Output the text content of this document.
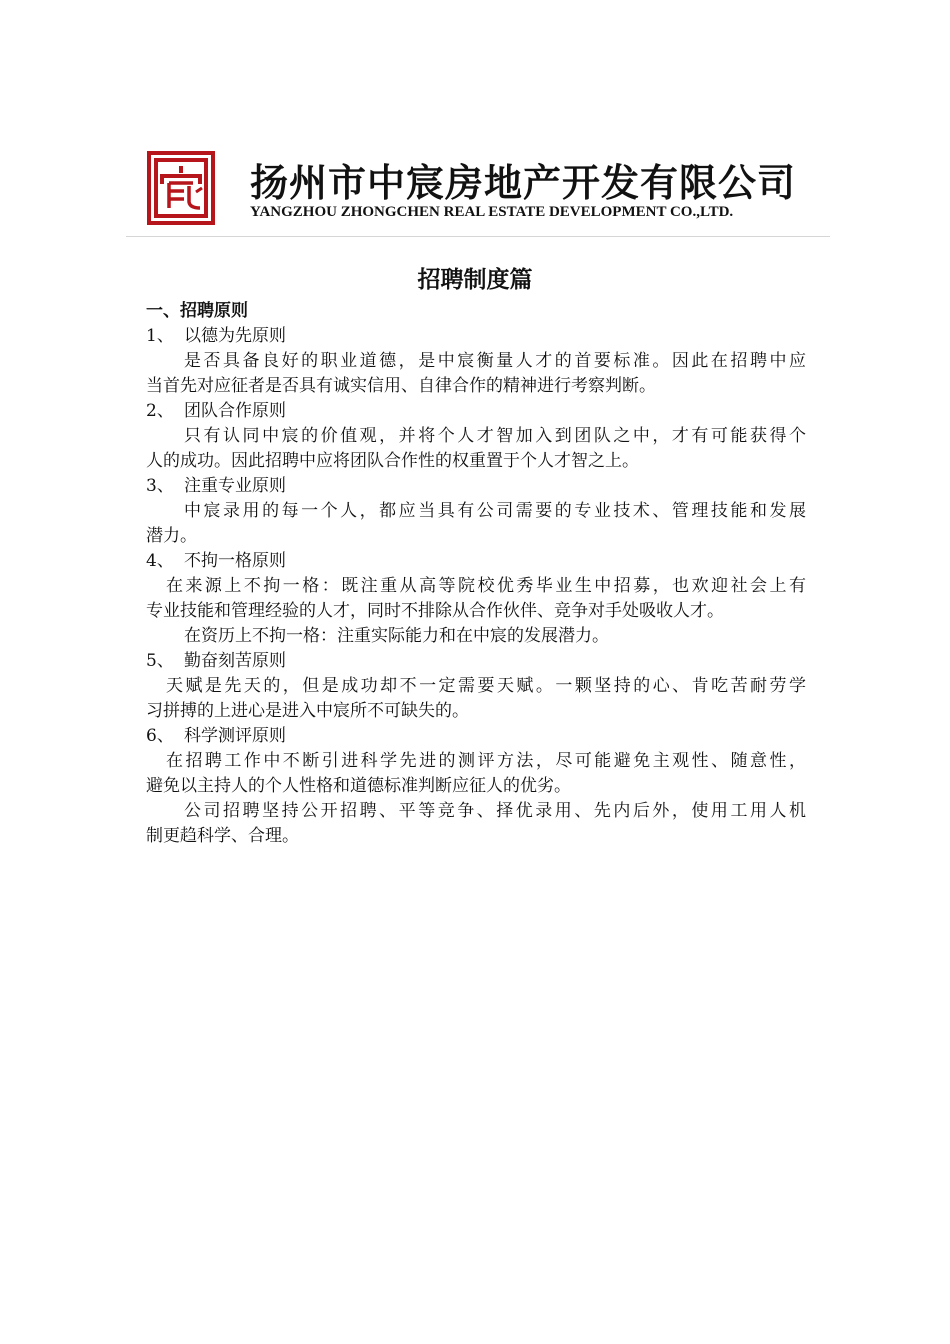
扬州市中宸房地产开发有限公司
YANGZHOU ZHONGCHEN REAL ESTATE DEVELOPMENT CO.,LTD.
招聘制度篇
一、招聘原则
1、 以德为先原则
是否具备良好的职业道德，是中宸衡量人才的首要标准。因此在招聘中应
当首先对应征者是否具有诚实信用、自律合作的精神进行考察判断。
2、 团队合作原则
只有认同中宸的价值观，并将个人才智加入到团队之中，才有可能获得个
人的成功。因此招聘中应将团队合作性的权重置于个人才智之上。
3、 注重专业原则
中宸录用的每一个人，都应当具有公司需要的专业技术、管理技能和发展
潜力。
4、 不拘一格原则
在来源上不拘一格：既注重从高等院校优秀毕业生中招募，也欢迎社会上有
专业技能和管理经验的人才，同时不排除从合作伙伴、竞争对手处吸收人才。
在资历上不拘一格：注重实际能力和在中宸的发展潜力。
5、 勤奋刻苦原则
天赋是先天的，但是成功却不一定需要天赋。一颗坚持的心、肯吃苦耐劳学
习拼搏的上进心是进入中宸所不可缺失的。
6、 科学测评原则
在招聘工作中不断引进科学先进的测评方法，尽可能避免主观性、随意性，
避免以主持人的个人性格和道德标准判断应征人的优劣。
公司招聘坚持公开招聘、平等竞争、择优录用、先内后外，使用工用人机
制更趋科学、合理。
